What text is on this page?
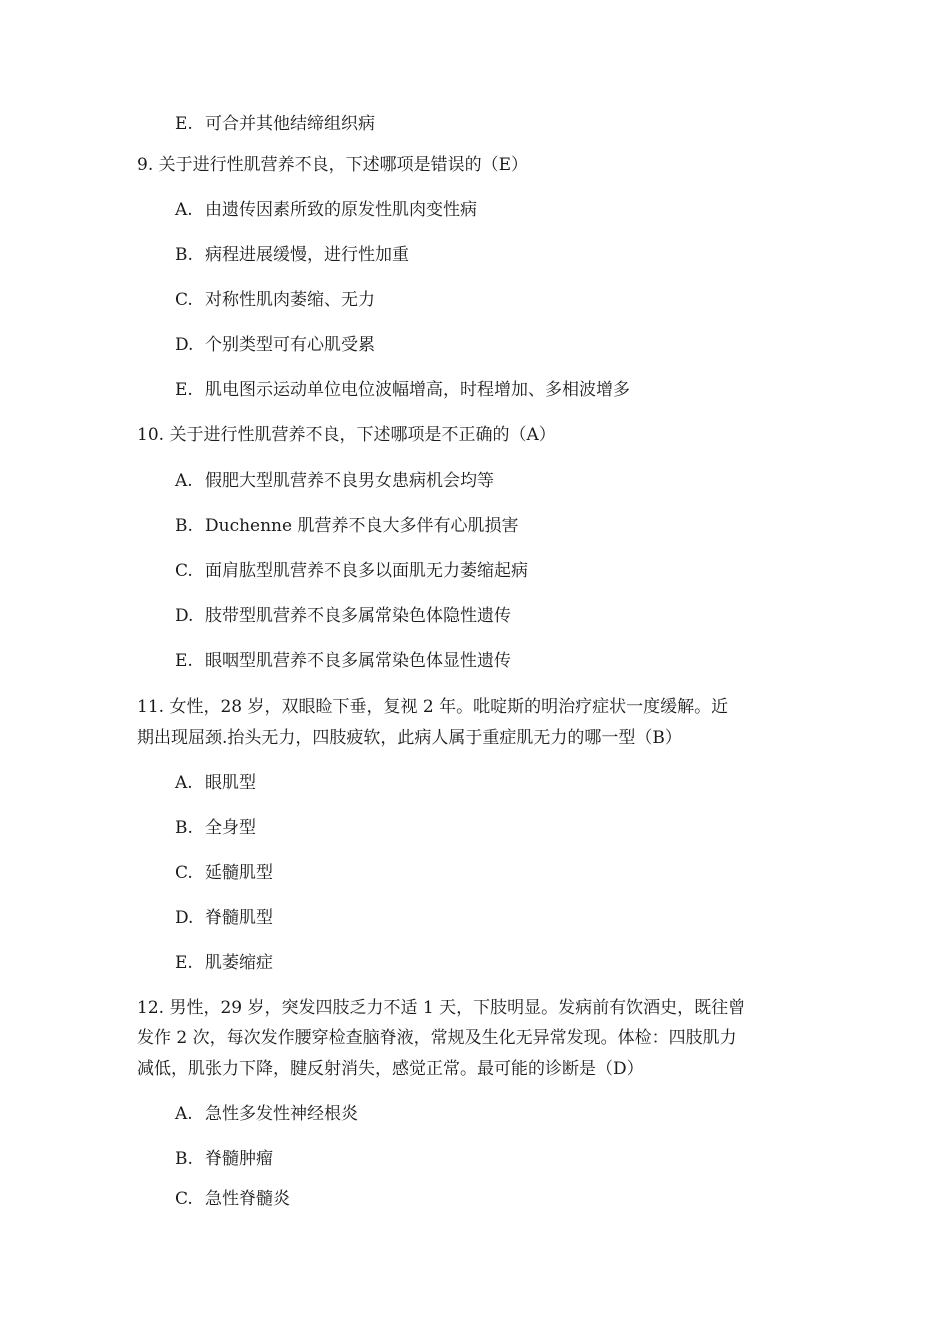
E. 可合并其他结缔组织病
9. 关于进行性肌营养不良，下述哪项是错误的（E）
A. 由遗传因素所致的原发性肌肉变性病
B. 病程进展缓慢，进行性加重
C. 对称性肌肉萎缩、无力
D. 个别类型可有心肌受累
E. 肌电图示运动单位电位波幅增高，时程增加、多相波增多
10. 关于进行性肌营养不良，下述哪项是不正确的（A）
A. 假肥大型肌营养不良男女患病机会均等
B. Duchenne 肌营养不良大多伴有心肌损害
C. 面肩肱型肌营养不良多以面肌无力萎缩起病
D. 肢带型肌营养不良多属常染色体隐性遗传
E. 眼咽型肌营养不良多属常染色体显性遗传
11. 女性，28 岁，双眼睑下垂，复视 2 年。吡啶斯的明治疗症状一度缓解。近
期出现屈颈.抬头无力，四肢疲软，此病人属于重症肌无力的哪一型（B）
A. 眼肌型
B. 全身型
C. 延髓肌型
D. 脊髓肌型
E. 肌萎缩症
12. 男性，29 岁，突发四肢乏力不适 1 天，下肢明显。发病前有饮酒史，既往曾
发作 2 次，每次发作腰穿检查脑脊液，常规及生化无异常发现。体检：四肢肌力
减低，肌张力下降，腱反射消失，感觉正常。最可能的诊断是（D）
A. 急性多发性神经根炎
B. 脊髓肿瘤
C. 急性脊髓炎
